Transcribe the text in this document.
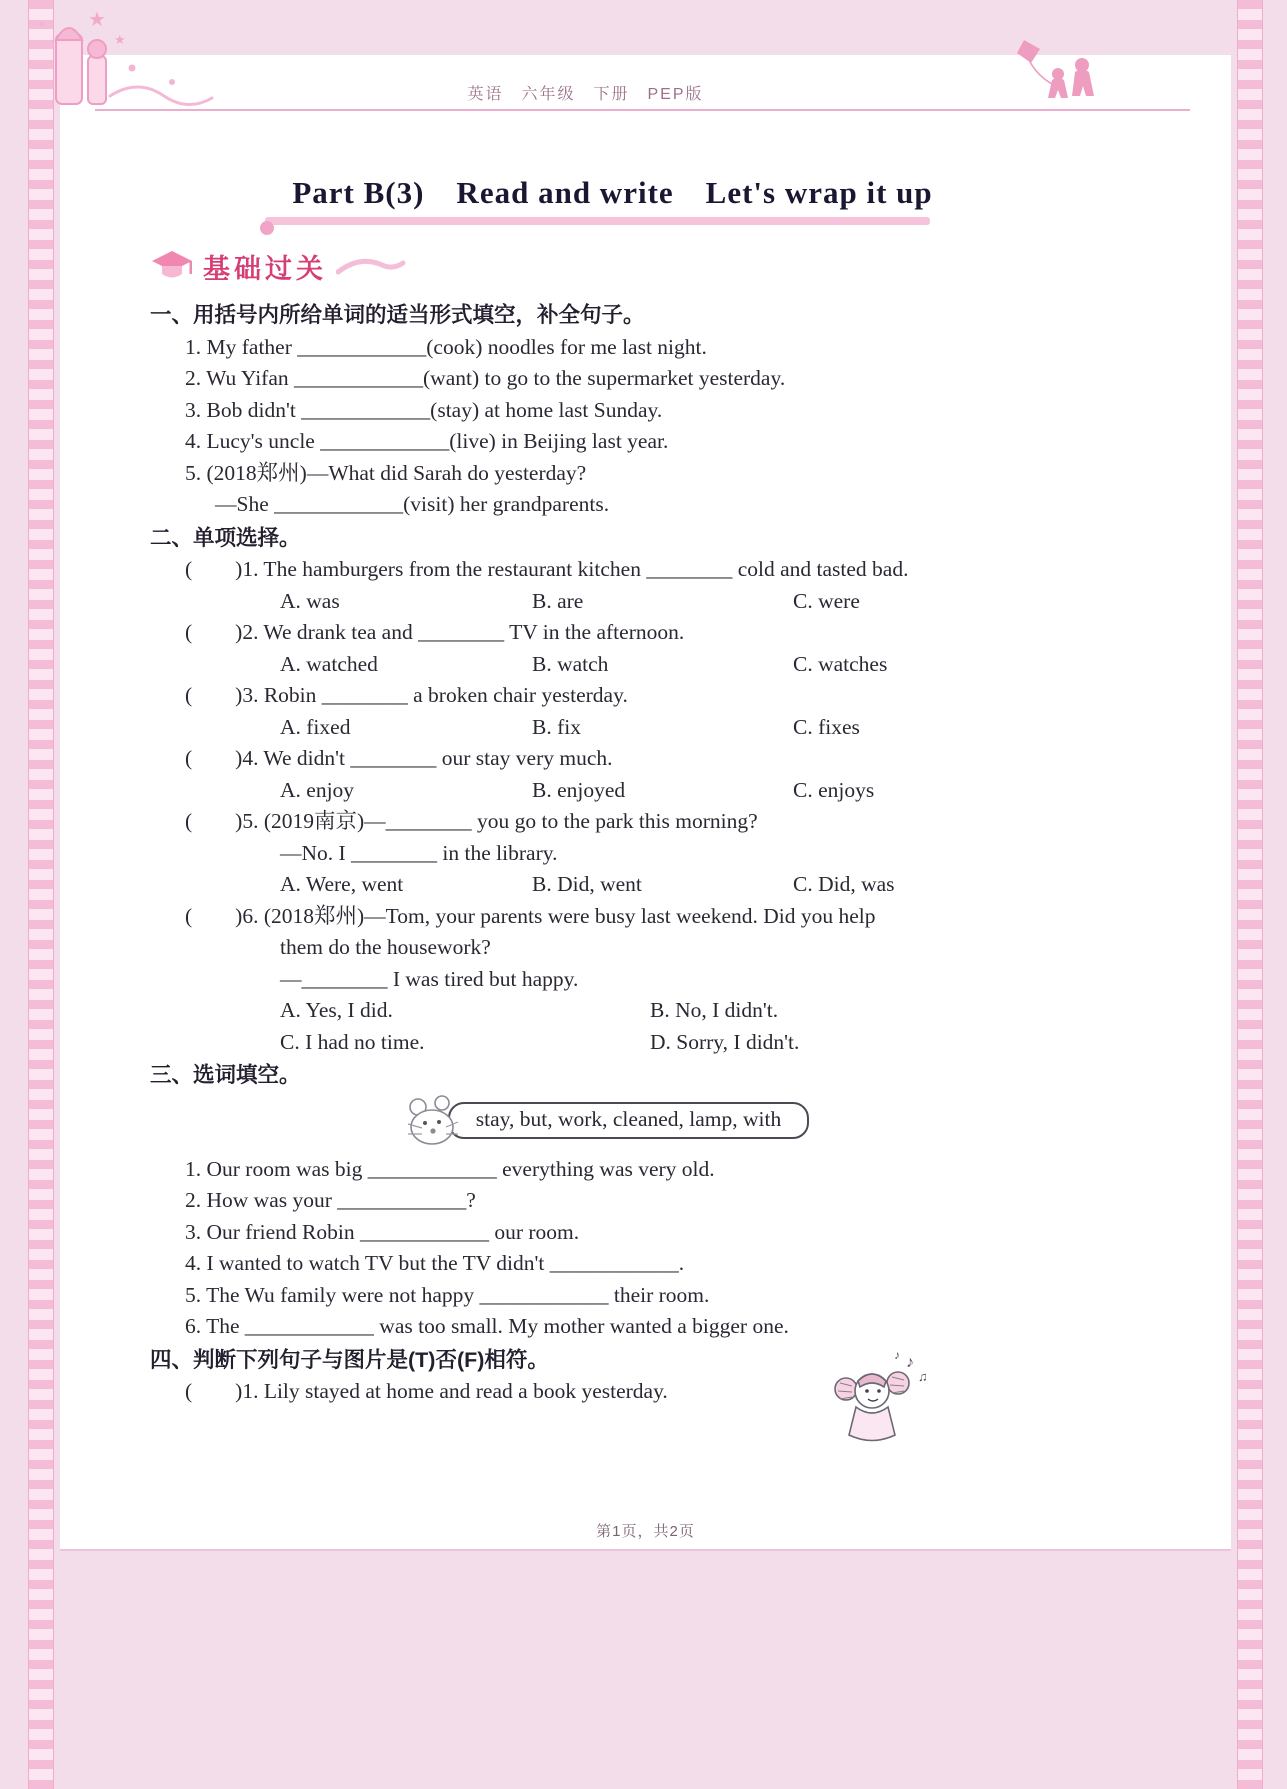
★
★
英语　六年级　下册　PEP版
Part B(3)　Read and write　Let's wrap it up
基础过关
一、用括号内所给单词的适当形式填空，补全句子。
1. My father ____________(cook) noodles for me last night.
2. Wu Yifan ____________(want) to go to the supermarket yesterday.
3. Bob didn't ____________(stay) at home last Sunday.
4. Lucy's uncle ____________(live) in Beijing last year.
5. (2018郑州)—What did Sarah do yesterday?
—She ____________(visit) her grandparents.
二、单项选择。
(　　)1. The hamburgers from the restaurant kitchen ________ cold and tasted bad.
A. was	B. are	C. were
(　　)2. We drank tea and ________ TV in the afternoon.
A. watched	B. watch	C. watches
(　　)3. Robin ________ a broken chair yesterday.
A. fixed	B. fix	C. fixes
(　　)4. We didn't ________ our stay very much.
A. enjoy	B. enjoyed	C. enjoys
(　　)5. (2019南京)—________ you go to the park this morning?
—No. I ________ in the library.
A. Were, went	B. Did, went	C. Did, was
(　　)6. (2018郑州)—Tom, your parents were busy last weekend. Did you help
them do the housework?
—________ I was tired but happy.
A. Yes, I did.	B. No, I didn't.
C. I had no time.	D. Sorry, I didn't.
三、选词填空。
stay, but, work, cleaned, lamp, with
1. Our room was big ____________ everything was very old.
2. How was your ____________?
3. Our friend Robin ____________ our room.
4. I wanted to watch TV but the TV didn't ____________.
5. The Wu family were not happy ____________ their room.
6. The ____________ was too small. My mother wanted a bigger one.
四、判断下列句子与图片是(T)否(F)相符。
(　　)1. Lily stayed at home and read a book yesterday.
♪
♫
♪
第1页，共2页
